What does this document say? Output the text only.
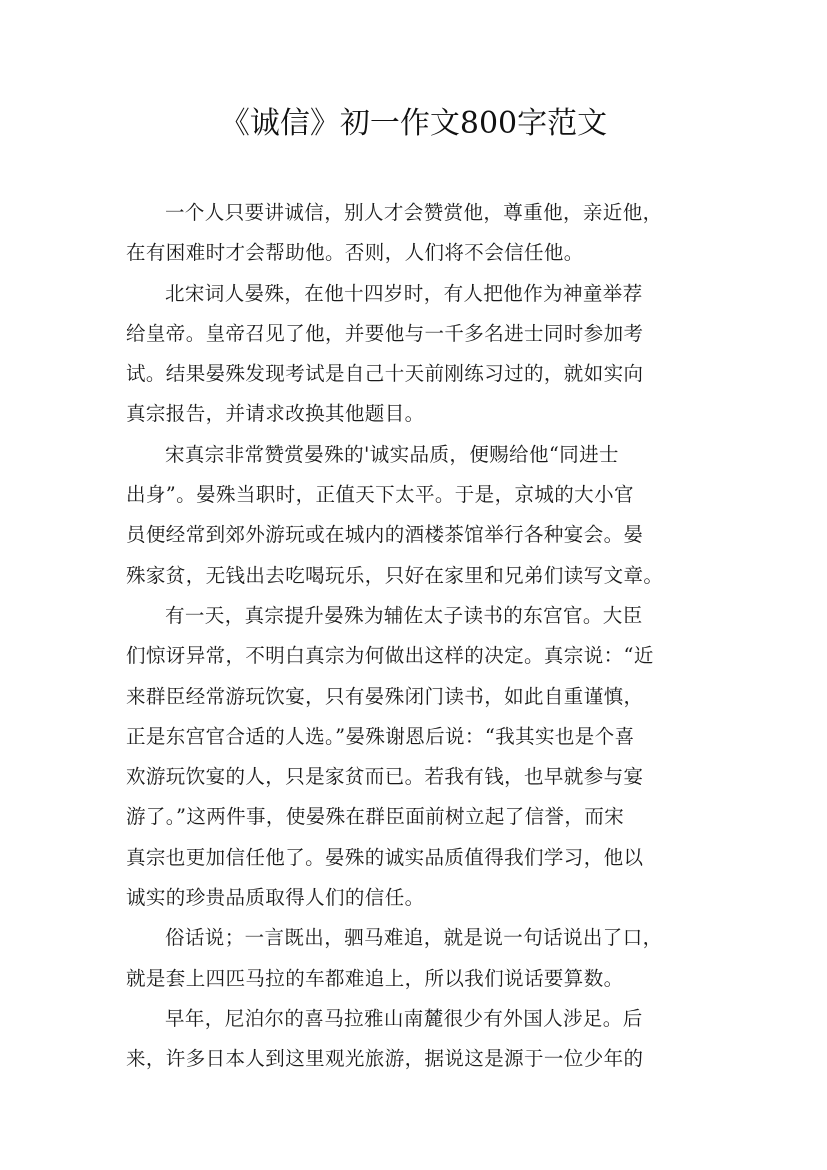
《诚信》初一作文800字范文

一个人只要讲诚信，别人才会赞赏他，尊重他，亲近他，
在有困难时才会帮助他。否则，人们将不会信任他。

北宋词人晏殊，在他十四岁时，有人把他作为神童举荐
给皇帝。皇帝召见了他，并要他与一千多名进士同时参加考
试。结果晏殊发现考试是自己十天前刚练习过的，就如实向
真宗报告，并请求改换其他题目。

宋真宗非常赞赏晏殊的'诚实品质，便赐给他“同进士
出身”。晏殊当职时，正值天下太平。于是，京城的大小官
员便经常到郊外游玩或在城内的酒楼茶馆举行各种宴会。晏
殊家贫，无钱出去吃喝玩乐，只好在家里和兄弟们读写文章。

有一天，真宗提升晏殊为辅佐太子读书的东宫官。大臣
们惊讶异常，不明白真宗为何做出这样的决定。真宗说：“近
来群臣经常游玩饮宴，只有晏殊闭门读书，如此自重谨慎，
正是东宫官合适的人选。”晏殊谢恩后说：“我其实也是个喜
欢游玩饮宴的人，只是家贫而已。若我有钱，也早就参与宴
游了。”这两件事，使晏殊在群臣面前树立起了信誉，而宋
真宗也更加信任他了。晏殊的诚实品质值得我们学习，他以
诚实的珍贵品质取得人们的信任。

俗话说；一言既出，驷马难追，就是说一句话说出了口，
就是套上四匹马拉的车都难追上，所以我们说话要算数。

早年，尼泊尔的喜马拉雅山南麓很少有外国人涉足。后
来，许多日本人到这里观光旅游，据说这是源于一位少年的
